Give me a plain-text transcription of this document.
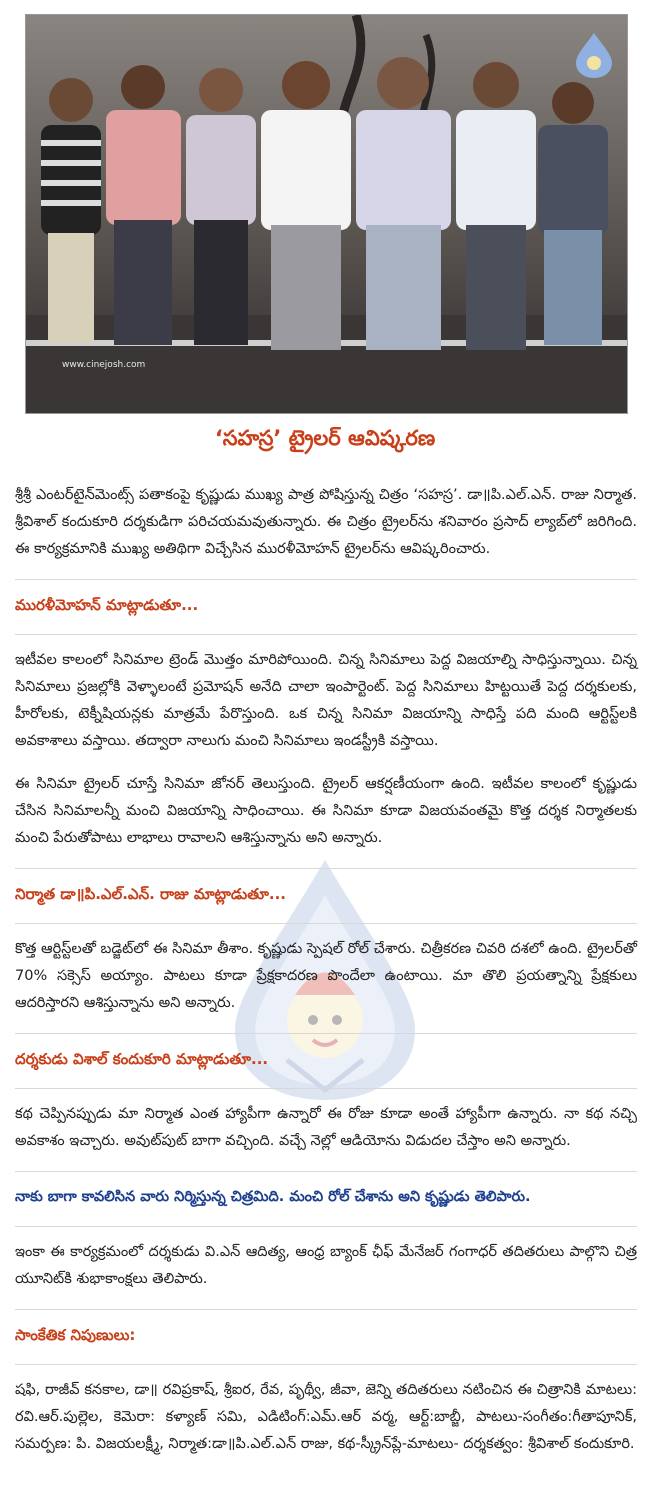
www.cinejosh.com
‘సహస్ర’ ట్రైలర్ ఆవిష్కరణ

శ్రీశ్రీ ఎంటర్‌టైన్‌మెంట్స్ పతాకంపై కృష్ణుడు ముఖ్య పాత్ర పోషిస్తున్న చిత్రం ‘సహస్ర’. డా॥పి.ఎల్.ఎన్. రాజు నిర్మాత. శ్రీవిశాల్ కందుకూరి దర్శకుడిగా పరిచయమవుతున్నారు. ఈ చిత్రం ట్రైలర్‌ను శనివారం ప్రసాద్ ల్యాబ్‌లో జరిగింది. ఈ కార్యక్రమానికి ముఖ్య అతిథిగా విచ్చేసిన మురళీమోహన్ ట్రైలర్‌ను ఆవిష్కరించారు.

మురళీమోహన్ మాట్లాడుతూ...

ఇటీవల కాలంలో సినిమాల ట్రెండ్ మొత్తం మారిపోయింది. చిన్న సినిమాలు పెద్ద విజయాల్ని సాధిస్తున్నాయి. చిన్న సినిమాలు ప్రజల్లోకి వెళ్ళాలంటే ప్రమోషన్ అనేది చాలా ఇంపార్టెంట్. పెద్ద సినిమాలు హిట్టయితే పెద్ద దర్శకులకు, హీరోలకు, టెక్నీషియన్లకు మాత్రమే పేరొస్తుంది. ఒక చిన్న సినిమా విజయాన్ని సాధిస్తే పది మంది ఆర్టిస్ట్‌లకి అవకాశాలు వస్తాయి. తద్వారా నాలుగు మంచి సినిమాలు ఇండస్ట్రీకి వస్తాయి.

ఈ సినిమా ట్రైలర్ చూస్తే సినిమా జోనర్ తెలుస్తుంది. ట్రైలర్ ఆకర్షణీయంగా ఉంది. ఇటీవల కాలంలో కృష్ణుడు చేసిన సినిమాలన్నీ మంచి విజయాన్ని సాధించాయి. ఈ సినిమా కూడా విజయవంతమై కొత్త దర్శక నిర్మాతలకు మంచి పేరుతోపాటు లాభాలు రావాలని ఆశిస్తున్నాను అని అన్నారు.

నిర్మాత డా॥పి.ఎల్.ఎన్. రాజు మాట్లాడుతూ...

కొత్త ఆర్టిస్ట్‌లతో బడ్జెట్‌లో ఈ సినిమా తీశాం. కృష్ణుడు స్పెషల్ రోల్ చేశారు. చిత్రీకరణ చివరి దశలో ఉంది. ట్రైలర్‌తో 70% సక్సెస్ అయ్యాం. పాటలు కూడా ప్రేక్షకాదరణ పొందేలా ఉంటాయి. మా తొలి ప్రయత్నాన్ని ప్రేక్షకులు ఆదరిస్తారని ఆశిస్తున్నాను అని అన్నారు.

దర్శకుడు విశాల్ కందుకూరి మాట్లాడుతూ...

కథ చెప్పినప్పుడు మా నిర్మాత ఎంత హ్యాపీగా ఉన్నారో ఈ రోజు కూడా అంతే హ్యాపీగా ఉన్నారు. నా కథ నచ్చి అవకాశం ఇచ్చారు. అవుట్‌పుట్ బాగా వచ్చింది. వచ్చే నెల్లో ఆడియోను విడుదల చేస్తాం అని అన్నారు.

నాకు బాగా కావలిసిన వారు నిర్మిస్తున్న చిత్రమిది. మంచి రోల్ చేశాను అని కృష్ణుడు తెలిపారు.

ఇంకా ఈ కార్యక్రమంలో దర్శకుడు వి.ఎన్ ఆదిత్య, ఆంధ్ర బ్యాంక్ ఛీఫ్ మేనేజర్ గంగాధర్ తదితరులు పాల్గొని చిత్ర యూనిట్‌కి శుభాకాంక్షలు తెలిపారు.

సాంకేతిక నిపుణులు:

షఫి, రాజీవ్ కనకాల, డా॥ రవిప్రకాష్, శ్రీఐర, రేవ, పృథ్వీ, జీవా, జెన్ని తదితరులు నటించిన ఈ చిత్రానికి మాటలు: రవి.ఆర్.పుల్లెల, కెమెరా: కళ్యాణ్ సమి, ఎడిటింగ్:ఎమ్.ఆర్ వర్మ, ఆర్ట్:బాబ్జీ, పాటలు-సంగీతం:గీతాపూనిక్, సమర్పణ: పి. విజయలక్ష్మీ, నిర్మాత:డా॥పి.ఎల్.ఎన్ రాజు, కథ-స్క్రీన్‌ప్లే-మాటలు- దర్శకత్వం: శ్రీవిశాల్ కందుకూరి.
